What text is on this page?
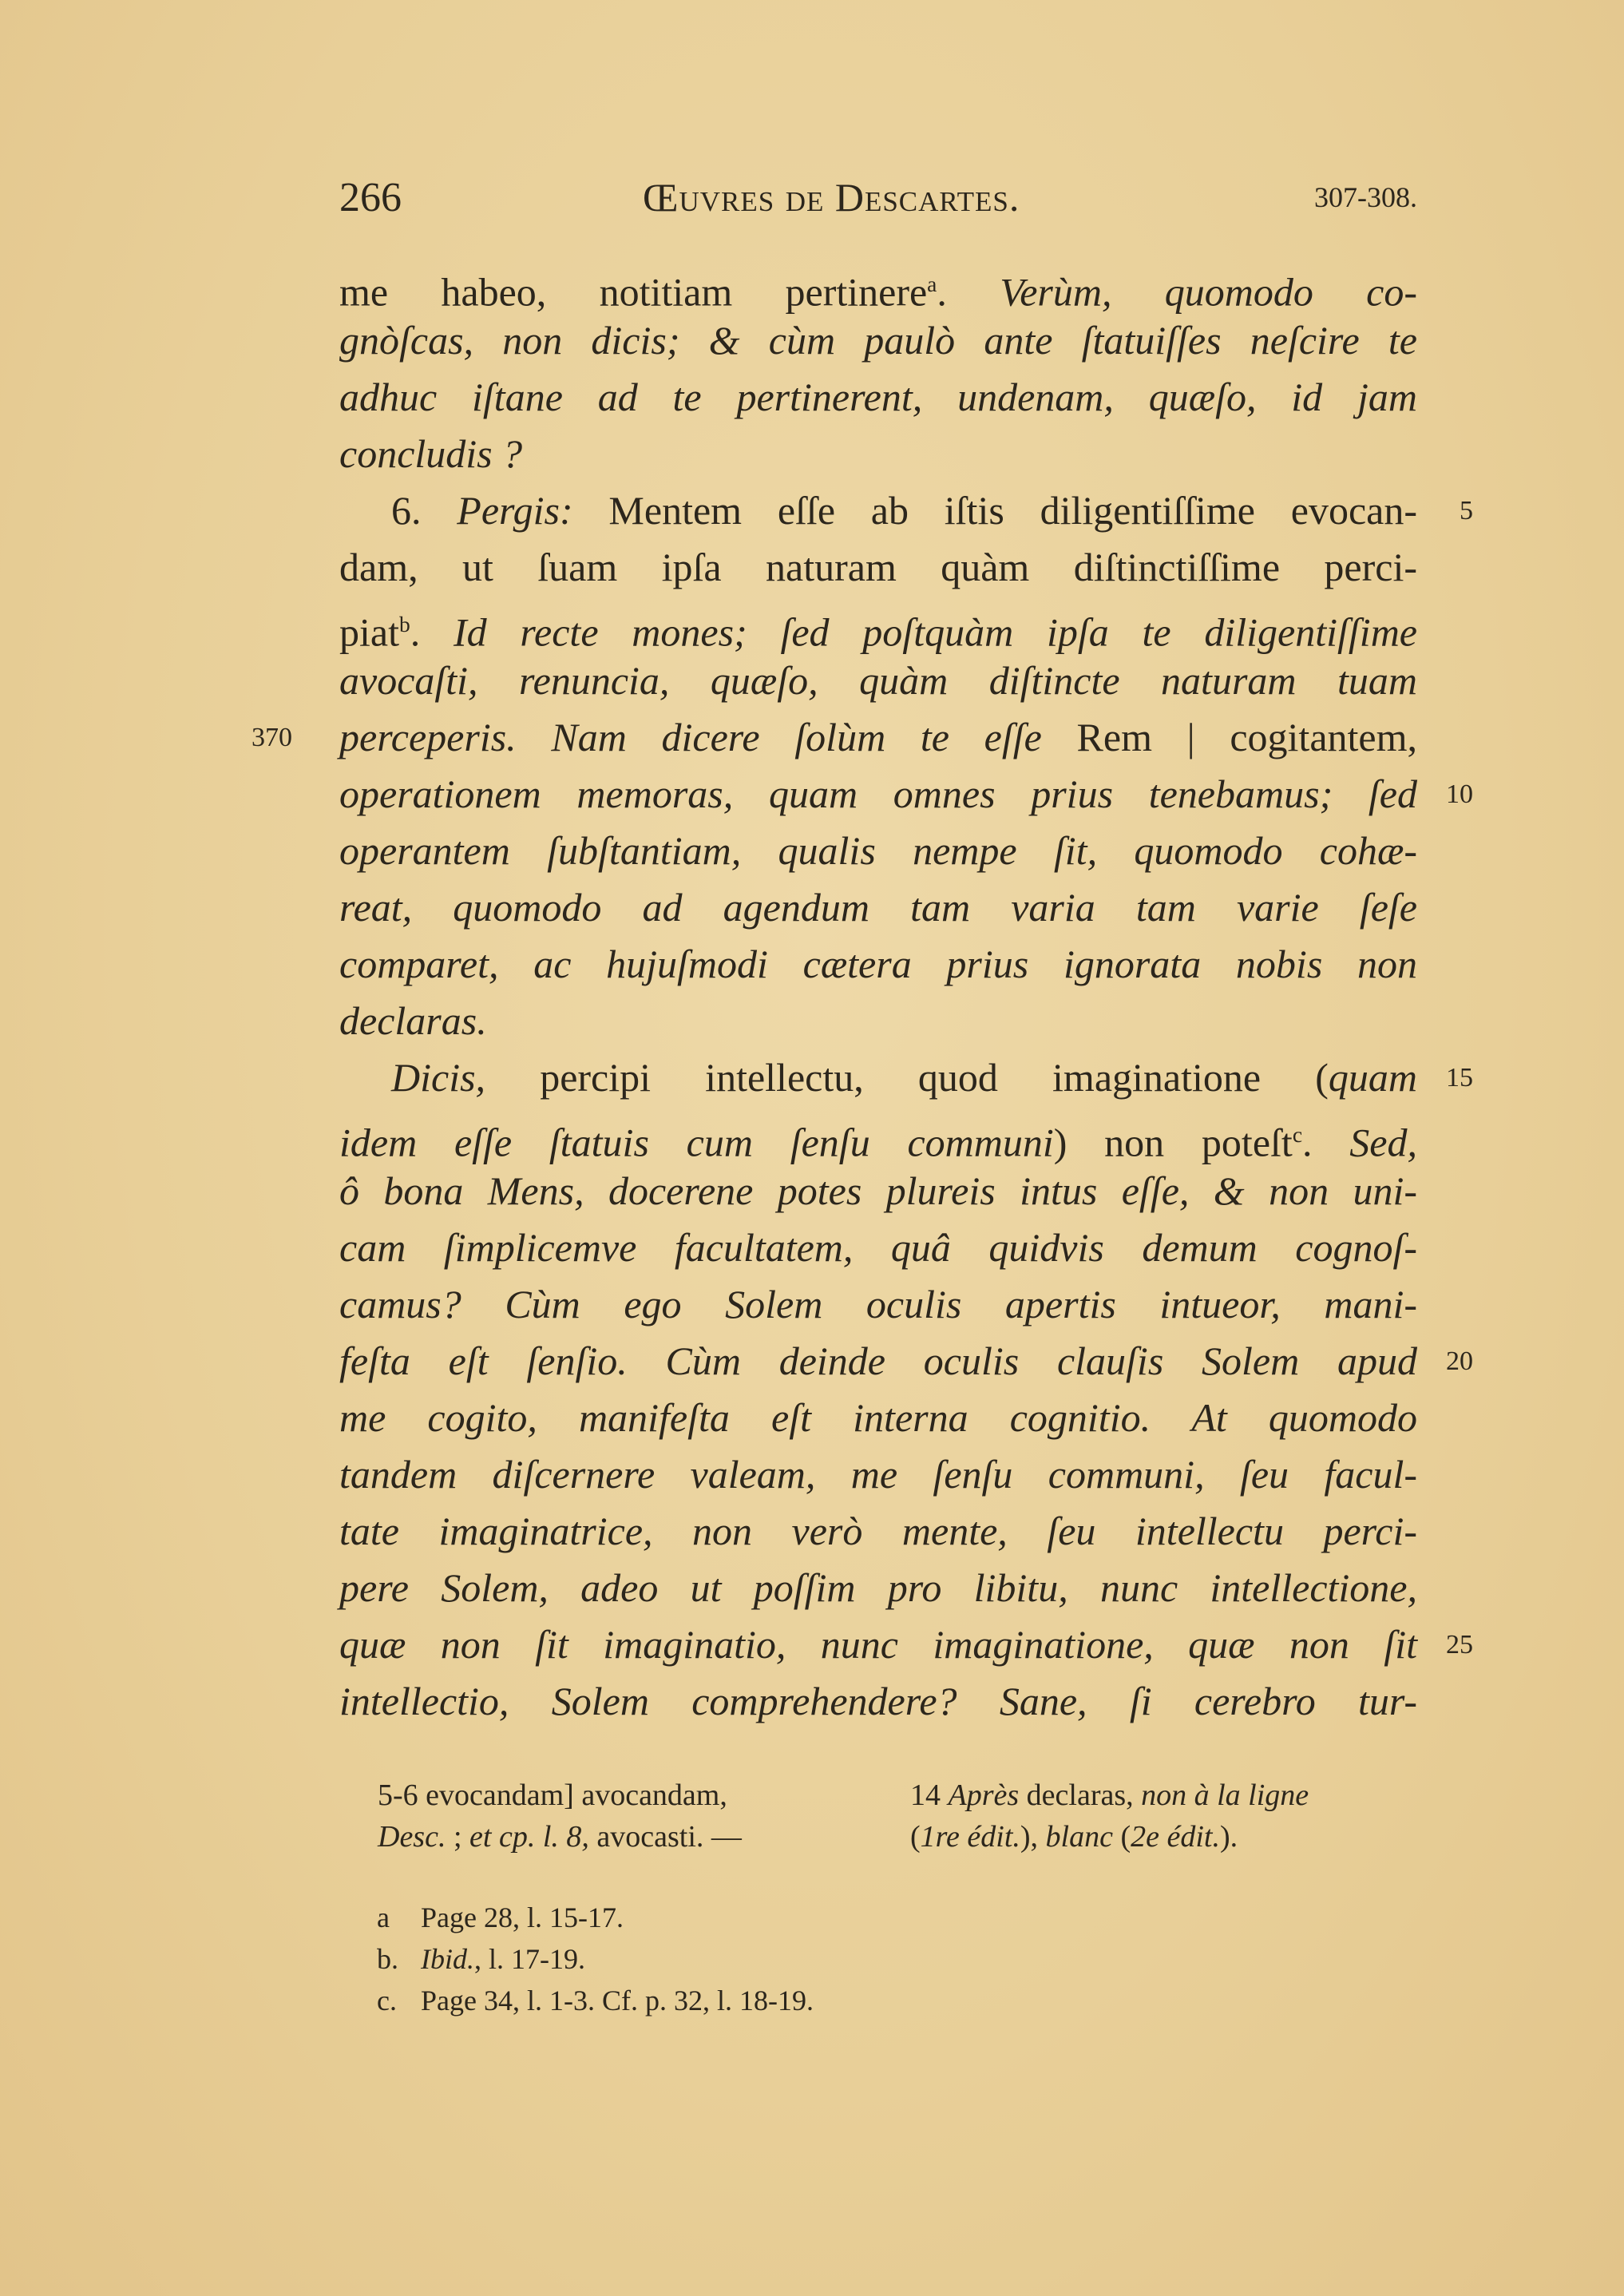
266	Œuvres de Descartes.	307-308.
me habeo, notitiam pertinere$^a$. Verùm, quomodo co-
gnòſcas, non dicis; & cùm paulò ante ſtatuiſſes neſcire te
adhuc iſtane ad te pertinerent, undenam, quæſo, id jam
concludis ?
6. Pergis: Mentem eſſe ab iſtis diligentiſſime evocan- 5
dam, ut ſuam ipſa naturam quàm diſtinctiſſime perci-
piat$^b$. Id recte mones; ſed poſtquàm ipſa te diligentiſſime
avocaſti, renuncia, quæſo, quàm diſtincte naturam tuam
perceperis. Nam dicere ſolùm te eſſe Rem | cogitantem,
370
operationem memoras, quam omnes prius tenebamus; ſed 10
operantem ſubſtantiam, qualis nempe ſit, quomodo cohæ-
reat, quomodo ad agendum tam varia tam varie ſeſe
comparet, ac hujuſmodi cætera prius ignorata nobis non
declaras.
Dicis, percipi intellectu, quod imaginatione (quam 15
idem eſſe ſtatuis cum ſenſu communi) non poteſt$^c$. Sed,
ô bona Mens, docerene potes plureis intus eſſe, & non uni-
cam ſimplicemve facultatem, quâ quidvis demum cognoſ-
camus? Cùm ego Solem oculis apertis intueor, mani-
feſta eſt ſenſio. Cùm deinde oculis clauſis Solem apud 20
me cogito, manifeſta eſt interna cognitio. At quomodo
tandem diſcernere valeam, me ſenſu communi, ſeu facul-
tate imaginatrice, non verò mente, ſeu intellectu perci-
pere Solem, adeo ut poſſim pro libitu, nunc intellectione,
quæ non ſit imaginatio, nunc imaginatione, quæ non ſit 25
intellectio, Solem comprehendere? Sane, ſi cerebro tur-
5-6 evocandam] avocandam,
Desc. ; et cp. l. 8, avocasti. —
14 Après declaras, non à la ligne
(1re édit.), blanc (2e édit.).
a Page 28, l. 15-17.
b. Ibid., l. 17-19.
c. Page 34, l. 1-3. Cf. p. 32, l. 18-19.
